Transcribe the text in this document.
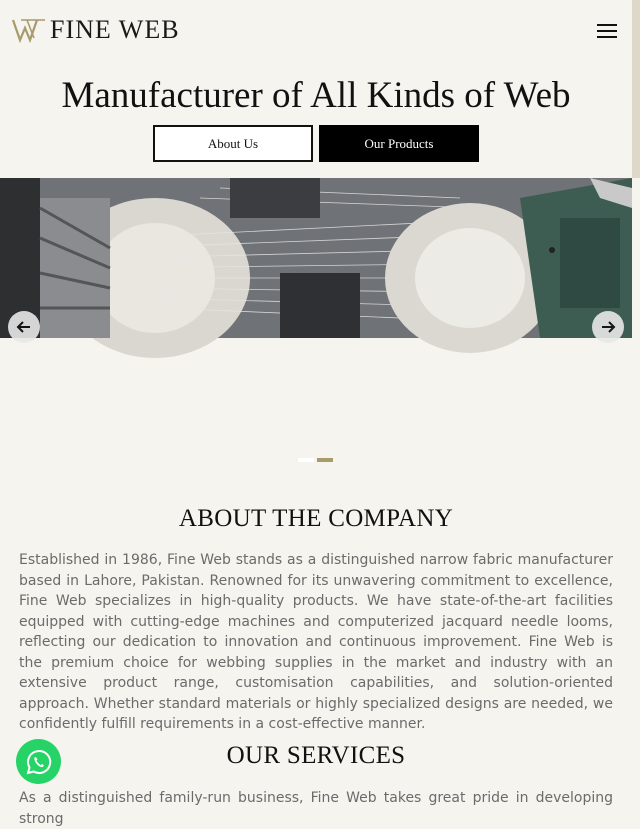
FINE WEB
Manufacturer of All Kinds of Web
About Us	Our Products
ABOUT THE COMPANY

Established in 1986, Fine Web stands as a distinguished narrow fabric manufacturer based in Lahore, Pakistan. Renowned for its unwavering commitment to excellence, Fine Web specializes in high-quality products. We have state-of-the-art facilities equipped with cutting-edge machines and computerized jacquard needle looms, reflecting our dedication to innovation and continuous improvement. Fine Web is the premium choice for webbing supplies in the market and industry with an extensive product range, customisation capabilities, and solution-oriented approach. Whether standard materials or highly specialized designs are needed, we confidently fulfill requirements in a cost-effective manner.

OUR SERVICES

As a distinguished family-run business, Fine Web takes great pride in developing strong
